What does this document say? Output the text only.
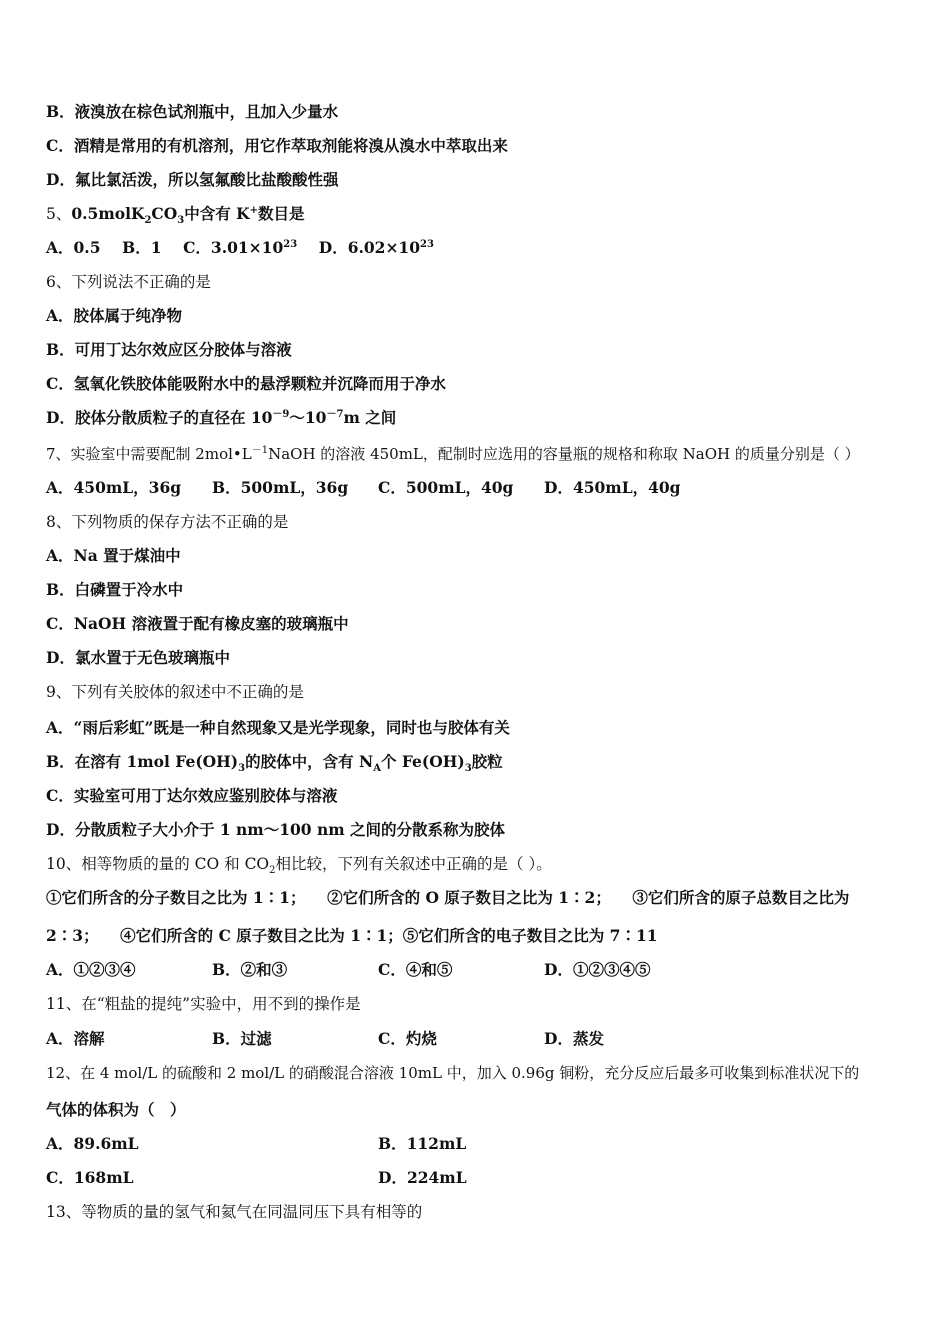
B．液溴放在棕色试剂瓶中，且加入少量水
C．酒精是常用的有机溶剂，用它作萃取剂能将溴从溴水中萃取出来
D．氟比氯活泼，所以氢氟酸比盐酸酸性强
5、$0.5molK_2CO_3$中含有 K+数目是
A．0.5 B．1 C．$3.01\times 10^{23}$ D．$6.02\times 10^{23}$
6、下列说法不正确的是
A．胶体属于纯净物
B．可用丁达尔效应区分胶体与溶液
C．氢氧化铁胶体能吸附水中的悬浮颗粒并沉降而用于净水
D．胶体分散质粒子的直径在 $10^{-9}\sim 10^{-7}m$ 之间
7、实验室中需要配制 $2mol•L^{-1}NaOH$ 的溶液 450mL，配制时应选用的容量瓶的规格和称取 NaOH 的质量分别是（ ）
A．450mL，36g B．500mL，36g C．500mL，40g D．450mL，40g
8、下列物质的保存方法不正确的是
A．Na 置于煤油中
B．白磷置于冷水中
C．NaOH 溶液置于配有橡皮塞的玻璃瓶中
D．氯水置于无色玻璃瓶中
9、下列有关胶体的叙述中不正确的是
A．“雨后彩虹”既是一种自然现象又是光学现象，同时也与胶体有关
B．在溶有 1mol $Fe(OH)_3$的胶体中，含有 $N_A$个 $Fe(OH)_3$胶粒
C．实验室可用丁达尔效应鉴别胶体与溶液
D．分散质粒子大小介于 1 nm～100 nm 之间的分散系称为胶体
10、相等物质的量的 CO 和 $CO_2$相比较，下列有关叙述中正确的是（ ）。
①它们所含的分子数目之比为 1∶1； ②它们所含的 O 原子数目之比为 1∶2； ③它们所含的原子总数目之比为
2∶3； ④它们所含的 C 原子数目之比为 1∶1；⑤它们所含的电子数目之比为 7∶11
A．①②③④	B．②和③	C．④和⑤	D．①②③④⑤
11、在“粗盐的提纯”实验中，用不到的操作是
A．溶解	B．过滤	C．灼烧	D．蒸发
12、在 4 mol/L 的硫酸和 2 mol/L 的硝酸混合溶液 10mL 中，加入 0.96g 铜粉，充分反应后最多可收集到标准状况下的
气体的体积为（　）
A．89.6mL	B．112mL
C．168mL	D．224mL
13、等物质的量的氢气和氦气在同温同压下具有相等的
